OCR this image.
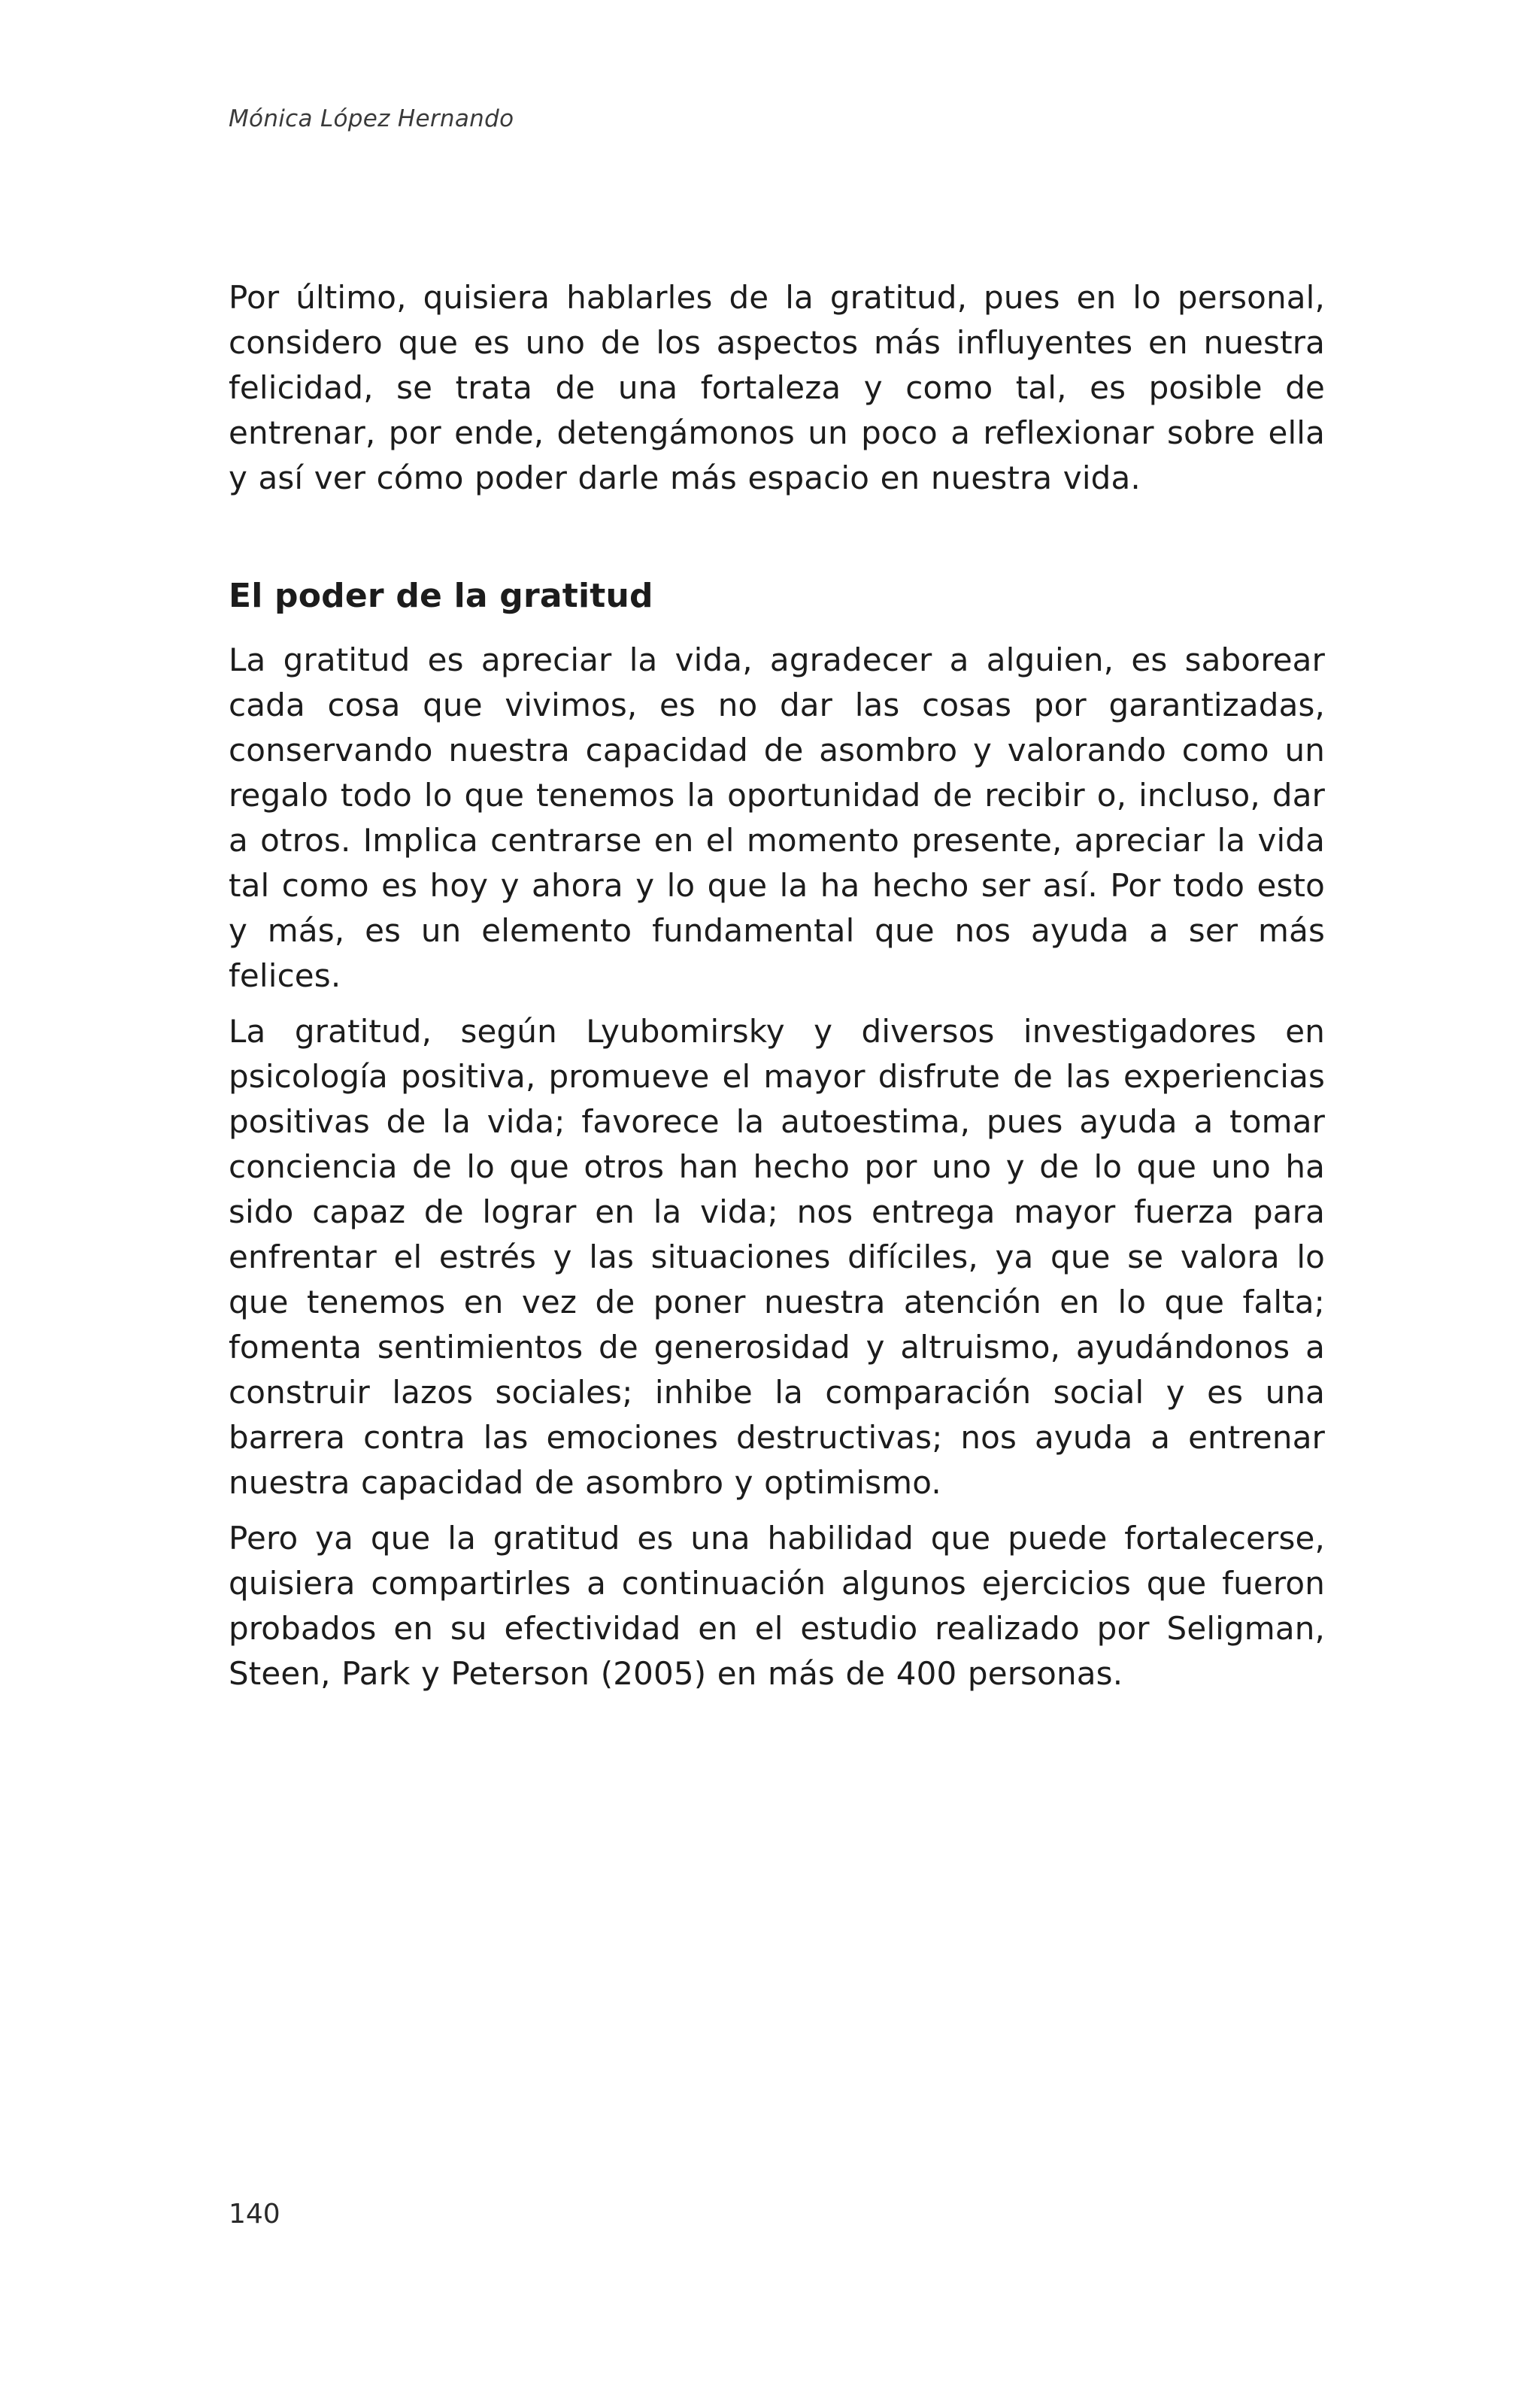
Mónica López Hernando

Por último, quisiera hablarles de la gratitud, pues en lo personal, considero que es uno de los aspectos más influyentes en nuestra felicidad, se trata de una fortaleza y como tal, es posible de entrenar, por ende, detengámonos un poco a reflexionar sobre ella y así ver cómo poder darle más espacio en nuestra vida.

El poder de la gratitud

La gratitud es apreciar la vida, agradecer a alguien, es saborear cada cosa que vivimos, es no dar las cosas por garantizadas, conservando nuestra capacidad de asombro y valorando como un regalo todo lo que tenemos la oportunidad de recibir o, incluso, dar a otros. Implica centrarse en el momento presente, apreciar la vida tal como es hoy y ahora y lo que la ha hecho ser así. Por todo esto y más, es un elemento fundamental que nos ayuda a ser más felices.

La gratitud, según Lyubomirsky y diversos investigadores en psicología positiva, promueve el mayor disfrute de las experiencias positivas de la vida; favorece la autoestima, pues ayuda a tomar conciencia de lo que otros han hecho por uno y de lo que uno ha sido capaz de lograr en la vida; nos entrega mayor fuerza para enfrentar el estrés y las situaciones difíciles, ya que se valora lo que tenemos en vez de poner nuestra atención en lo que falta; fomenta sentimientos de generosidad y altruismo, ayudándonos a construir lazos sociales; inhibe la comparación social y es una barrera contra las emociones destructivas; nos ayuda a entrenar nuestra capacidad de asombro y optimismo.

Pero ya que la gratitud es una habilidad que puede fortalecerse, quisiera compartirles a continuación algunos ejercicios que fueron probados en su efectividad en el estudio realizado por Seligman, Steen, Park y Peterson (2005) en más de 400 personas.

140
